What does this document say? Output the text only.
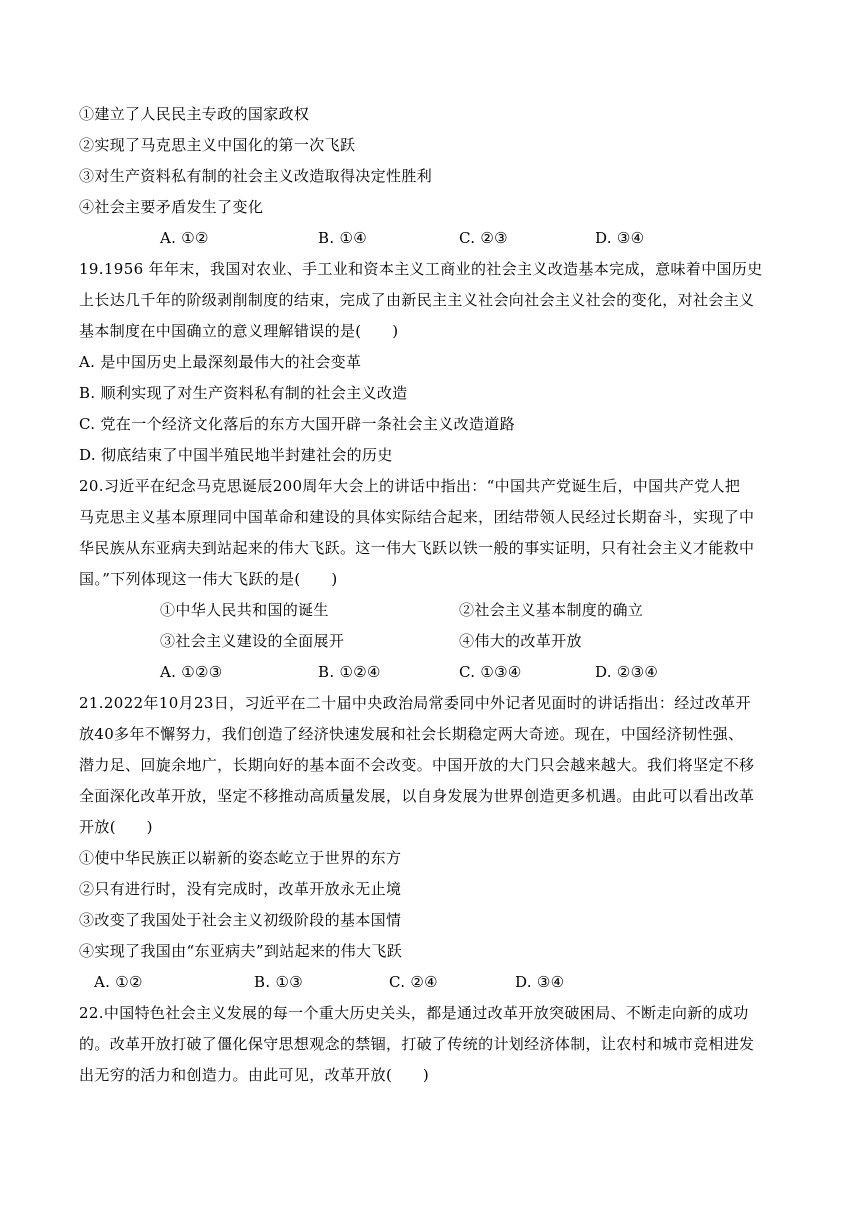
①建立了人民民主专政的国家政权
②实现了马克思主义中国化的第一次飞跃
③对生产资料私有制的社会主义改造取得决定性胜利
④社会主要矛盾发生了变化
A. ①②	B. ①④	C. ②③	D. ③④
19.1956 年年末，我国对农业、手工业和资本主义工商业的社会主义改造基本完成，意味着中国历史
上长达几千年的阶级剥削制度的结束，完成了由新民主主义社会向社会主义社会的变化，对社会主义
基本制度在中国确立的意义理解错误的是(　　)
A. 是中国历史上最深刻最伟大的社会变革
B. 顺利实现了对生产资料私有制的社会主义改造
C. 党在一个经济文化落后的东方大国开辟一条社会主义改造道路
D. 彻底结束了中国半殖民地半封建社会的历史
20.习近平在纪念马克思诞辰200周年大会上的讲话中指出：“中国共产党诞生后，中国共产党人把
马克思主义基本原理同中国革命和建设的具体实际结合起来，团结带领人民经过长期奋斗，实现了中
华民族从东亚病夫到站起来的伟大飞跃。这一伟大飞跃以铁一般的事实证明，只有社会主义才能救中
国。”下列体现这一伟大飞跃的是(　　)
①中华人民共和国的诞生	②社会主义基本制度的确立
③社会主义建设的全面展开	④伟大的改革开放
A. ①②③	B. ①②④	C. ①③④	D. ②③④
21.2022年10月23日，习近平在二十届中央政治局常委同中外记者见面时的讲话指出：经过改革开
放40多年不懈努力，我们创造了经济快速发展和社会长期稳定两大奇迹。现在，中国经济韧性强、
潜力足、回旋余地广，长期向好的基本面不会改变。中国开放的大门只会越来越大。我们将坚定不移
全面深化改革开放，坚定不移推动高质量发展，以自身发展为世界创造更多机遇。由此可以看出改革
开放(　　)
①使中华民族正以崭新的姿态屹立于世界的东方
②只有进行时，没有完成时，改革开放永无止境
③改变了我国处于社会主义初级阶段的基本国情
④实现了我国由“东亚病夫”到站起来的伟大飞跃
A. ①②	B. ①③	C. ②④	D. ③④
22.中国特色社会主义发展的每一个重大历史关头，都是通过改革开放突破困局、不断走向新的成功
的。改革开放打破了僵化保守思想观念的禁锢，打破了传统的计划经济体制，让农村和城市竞相进发
出无穷的活力和创造力。由此可见，改革开放(　　)
